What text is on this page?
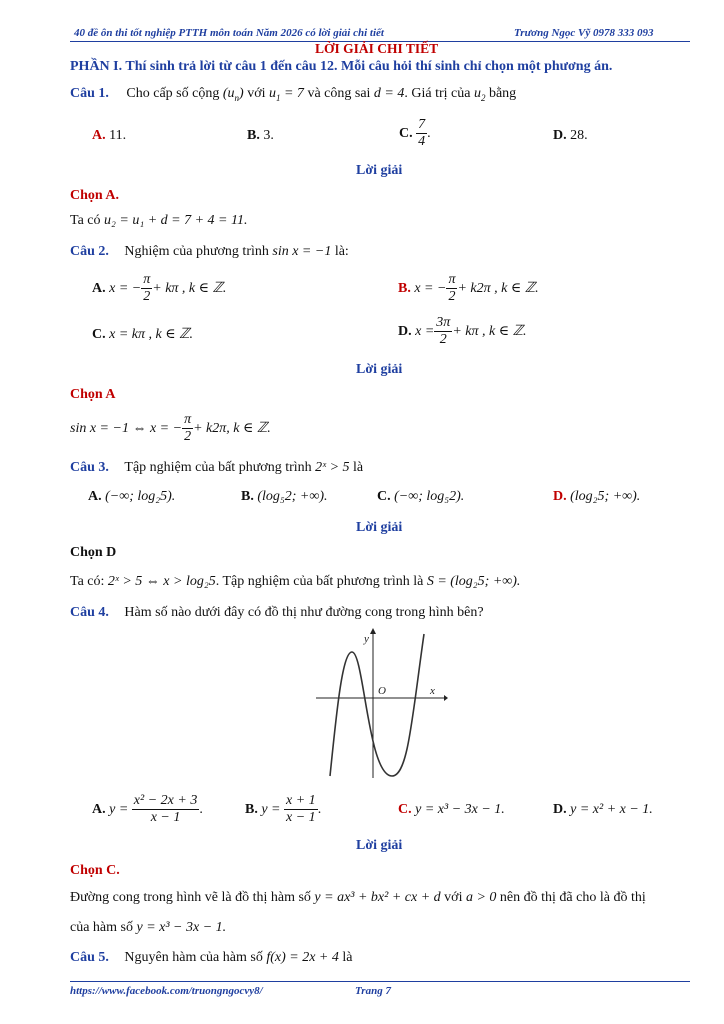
40 đề ôn thi tốt nghiệp PTTH môn toán Năm 2026 có lời giải chi tiết	Trương Ngọc Vỹ 0978 333 093
LỜI GIẢI CHI TIẾT
PHẦN I. Thí sinh trả lời từ câu 1 đến câu 12. Mỗi câu hỏi thí sinh chỉ chọn một phương án.
Câu 1. Cho cấp số cộng $(u_n)$ với $u_1 = 7$ và công sai d = 4. Giá trị của $u_2$ bằng
A. 11.	B. 3.	C. $\frac{7}{4}$ .	D. 28.
Lời giải
Chọn A.
Ta có u₂ = u₁ + d = 7 + 4 = 11.
Câu 2. Nghiệm của phương trình sin x = −1 là:
A. x = − $\frac{\pi}{2} + k\pi$ , k ∈ ℤ.	B. x = − $\frac{\pi}{2} + k2\pi$ , k ∈ ℤ.
C. x = kπ , k ∈ ℤ.	D. $x = \frac{3\pi}{2} + k\pi$ , k ∈ ℤ.
Lời giải
Chọn A
sin x = −1 ⇔ x = − $\frac{\pi}{2} + k2\pi$, k ∈ ℤ.
Câu 3. Tập nghiệm của bất phương trình 2ˣ > 5 là
A. (−∞; log₂5).	B. (log₅2; +∞).	C. (−∞; log₅2).	D. (log₂5; +∞).
Lời giải
Chọn D
Ta có: 2ˣ > 5 ⇔ x > log₂5. Tập nghiệm của bất phương trình là S = (log₂5; +∞).
Câu 4. Hàm số nào dưới đây có đồ thị như đường cong trong hình bên?
y
O	x
A. $y = \frac{\text{x² − 2x + 3}}{x - 1}$ .	B. $y = \frac{x + 1}{x - 1}$ .	C. y = x³ − 3x − 1.	D. y = x² + x − 1.
Lời giải
Chọn C.
Đường cong trong hình vẽ là đồ thị hàm số y = ax³ + bx² + cx + d với a > 0 nên đồ thị đã cho là đồ thị
của hàm số y = x³ − 3x − 1.
Câu 5. Nguyên hàm của hàm số f(x) = 2x + 4 là
https://www.facebook.com/truongngocvy8/	Trang 7
